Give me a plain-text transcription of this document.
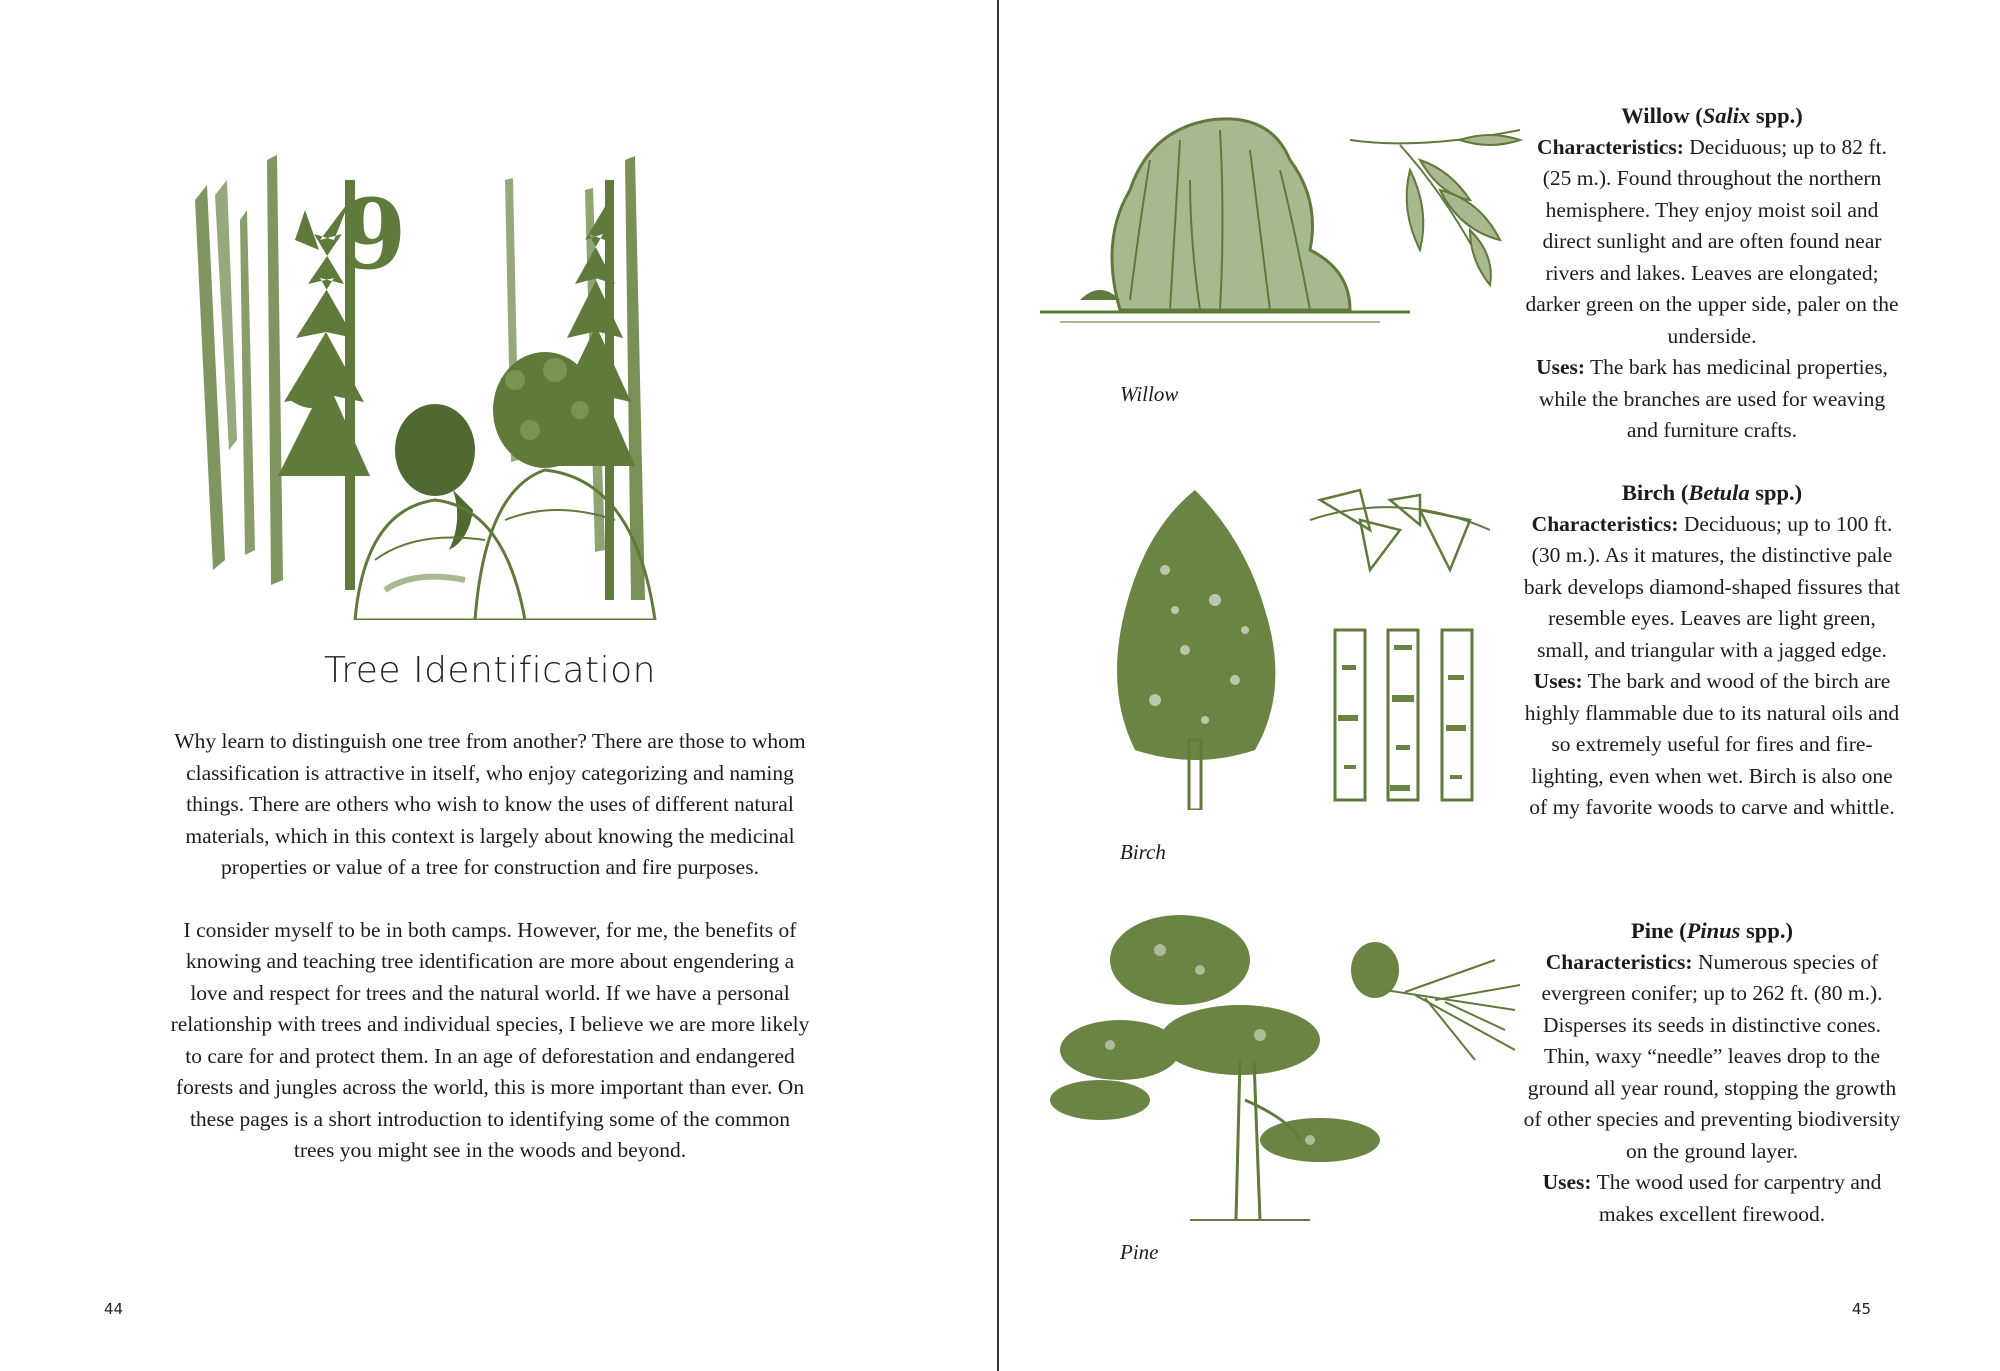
9
Tree Identification

Why learn to distinguish one tree from another? There are those to whom classification is attractive in itself, who enjoy categorizing and naming things. There are others who wish to know the uses of different natural materials, which in this context is largely about knowing the medicinal properties or value of a tree for construction and fire purposes.

I consider myself to be in both camps. However, for me, the benefits of knowing and teaching tree identification are more about engendering a love and respect for trees and the natural world. If we have a personal relationship with trees and individual species, I believe we are more likely to care for and protect them. In an age of deforestation and endangered forests and jungles across the world, this is more important than ever. On these pages is a short introduction to identifying some of the common trees you might see in the woods and beyond.

44
Willow
Birch
Pine
Willow (Salix spp.)
Characteristics: Deciduous; up to 82 ft. (25 m.). Found throughout the northern hemisphere. They enjoy moist soil and direct sunlight and are often found near rivers and lakes. Leaves are elongated; darker green on the upper side, paler on the underside.
Uses: The bark has medicinal properties, while the branches are used for weaving and furniture crafts.
Birch (Betula spp.)
Characteristics: Deciduous; up to 100 ft. (30 m.). As it matures, the distinctive pale bark develops diamond-shaped fissures that resemble eyes. Leaves are light green, small, and triangular with a jagged edge.
Uses: The bark and wood of the birch are highly flammable due to its natural oils and so extremely useful for fires and fire-lighting, even when wet. Birch is also one of my favorite woods to carve and whittle.
Pine (Pinus spp.)
Characteristics: Numerous species of evergreen conifer; up to 262 ft. (80 m.). Disperses its seeds in distinctive cones. Thin, waxy “needle” leaves drop to the ground all year round, stopping the growth of other species and preventing biodiversity on the ground layer.
Uses: The wood used for carpentry and makes excellent firewood.
45
